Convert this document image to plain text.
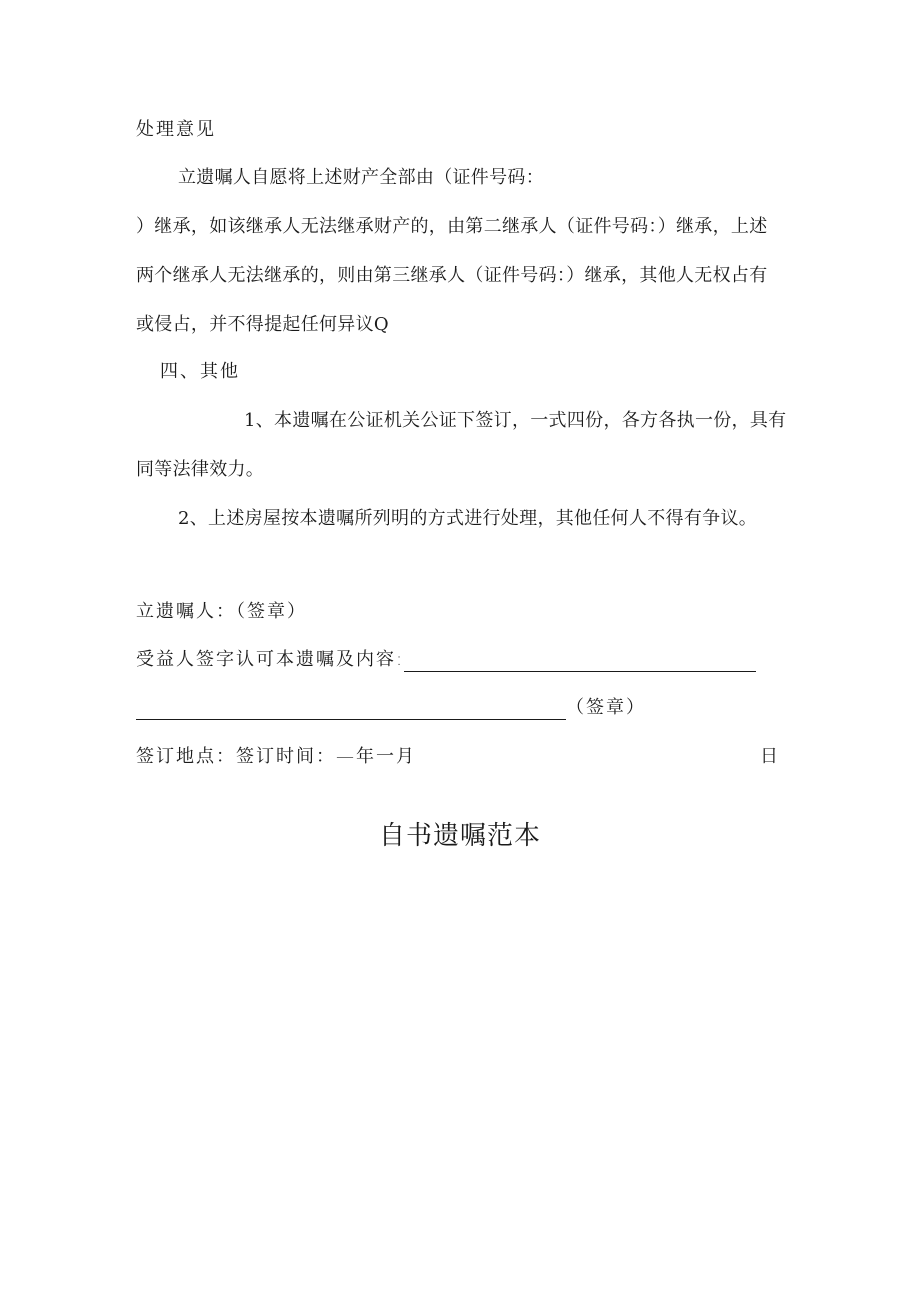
处理意见
立遗嘱人自愿将上述财产全部由（证件号码：
）继承，如该继承人无法继承财产的，由第二继承人（证件号码：）继承，上述
两个继承人无法继承的，则由第三继承人（证件号码：）继承，其他人无权占有
或侵占，并不得提起任何异议Q
四、其他
1、本遗嘱在公证机关公证下签订，一式四份，各方各执一份，具有
同等法律效力。
2、上述房屋按本遗嘱所列明的方式进行处理，其他任何人不得有争议。
立遗嘱人：（签章）
受益人签字认可本遗嘱及内容:
（签章）
签订地点：签订时间：—年一月	日
自书遗嘱范本
